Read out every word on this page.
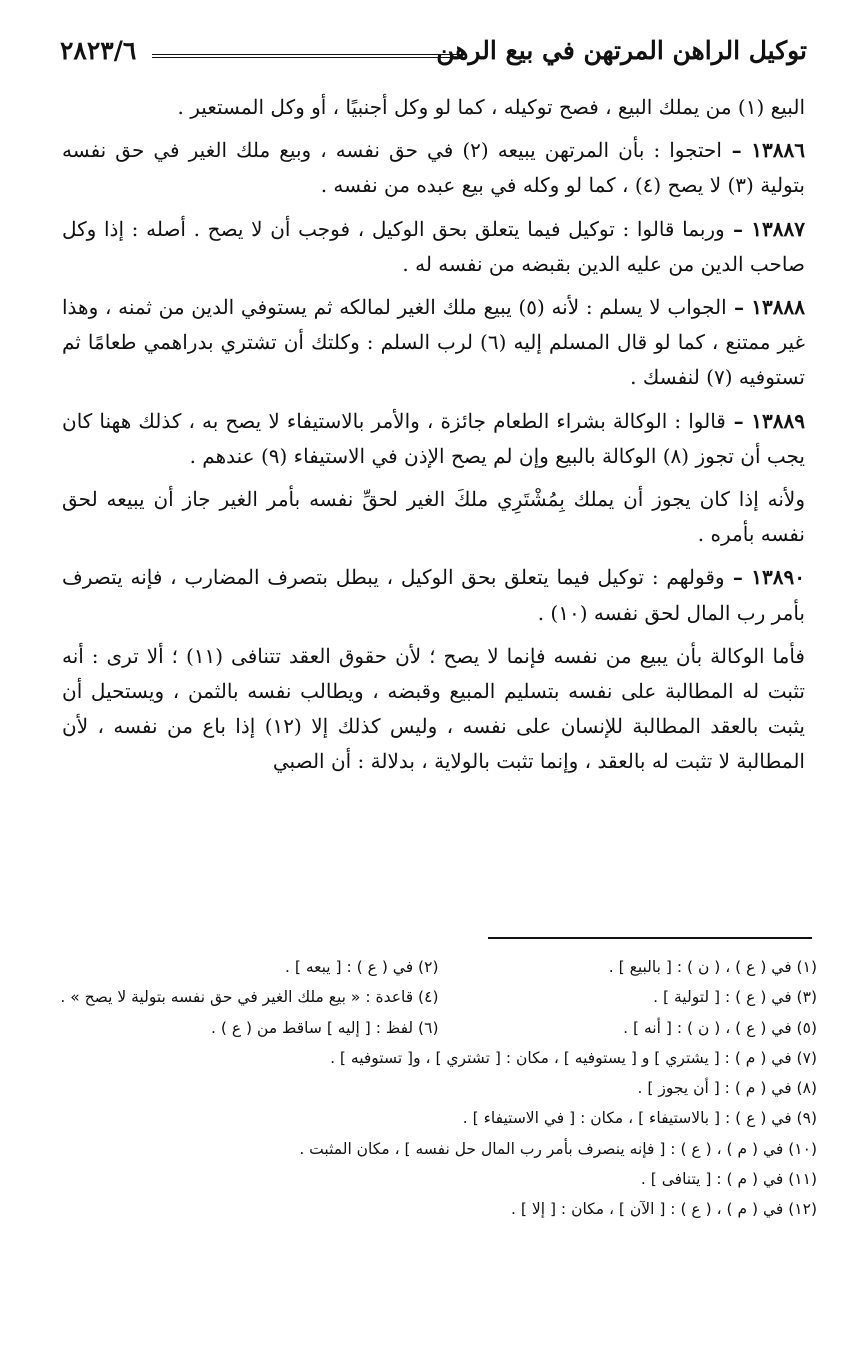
توكيل الراهن المرتهن في بيع الرهن
٢٨٢٣/٦

البيع (١) من يملك البيع ، فصح توكيله ، كما لو وكل أجنبيًا ، أو وكل المستعير .

١٣٨٨٦ – احتجوا : بأن المرتهن يبيعه (٢) في حق نفسه ، وبيع ملك الغير في حق نفسه بتولية (٣) لا يصح (٤) ، كما لو وكله في بيع عبده من نفسه .

١٣٨٨٧ – وربما قالوا : توكيل فيما يتعلق بحق الوكيل ، فوجب أن لا يصح . أصله : إذا وكل صاحب الدين من عليه الدين بقبضه من نفسه له .

١٣٨٨٨ – الجواب لا يسلم : لأنه (٥) يبيع ملك الغير لمالكه ثم يستوفي الدين من ثمنه ، وهذا غير ممتنع ، كما لو قال المسلم إليه (٦) لرب السلم : وكلتك أن تشتري بدراهمي طعامًا ثم تستوفيه (٧) لنفسك .

١٣٨٨٩ – قالوا : الوكالة بشراء الطعام جائزة ، والأمر بالاستيفاء لا يصح به ، كذلك ههنا كان يجب أن تجوز (٨) الوكالة بالبيع وإن لم يصح الإذن في الاستيفاء (٩) عندهم .

ولأنه إذا كان يجوز أن يملك بِمُشْتَرِي ملكَ الغير لحقِّ نفسه بأمر الغير جاز أن يبيعه لحق نفسه بأمره .

١٣٨٩٠ – وقولهم : توكيل فيما يتعلق بحق الوكيل ، يبطل بتصرف المضارب ، فإنه يتصرف بأمر رب المال لحق نفسه (١٠) .

فأما الوكالة بأن يبيع من نفسه فإنما لا يصح ؛ لأن حقوق العقد تتنافى (١١) ؛ ألا ترى : أنه تثبت له المطالبة على نفسه بتسليم المبيع وقبضه ، ويطالب نفسه بالثمن ، ويستحيل أن يثبت بالعقد المطالبة للإنسان على نفسه ، وليس كذلك إلا (١٢) إذا باع من نفسه ، لأن المطالبة لا تثبت له بالعقد ، وإنما تثبت بالولاية ، بدلالة : أن الصبي

(١) في ( ع ) ، ( ن ) : [ بالبيع ] .
(٢) في ( ع ) : [ يبعه ] .
(٣) في ( ع ) : [ لتولية ] .
(٤) قاعدة : « بيع ملك الغير في حق نفسه بتولية لا يصح » .
(٥) في ( ع ) ، ( ن ) : [ أنه ] .
(٦) لفظ : [ إليه ] ساقط من ( ع ) .
(٧) في ( م ) : [ يشتري ] و [ يستوفيه ] ، مكان : [ تشتري ] ، و[ تستوفيه ] .
(٨) في ( م ) : [ أن يجوز ] .
(٩) في ( ع ) : [ بالاستيفاء ] ، مكان : [ في الاستيفاء ] .
(١٠) في ( م ) ، ( ع ) : [ فإنه ينصرف بأمر رب المال حل نفسه ] ، مكان المثبت .
(١١) في ( م ) : [ يتنافى ] .
(١٢) في ( م ) ، ( ع ) : [ الآن ] ، مكان : [ إلا ] .
